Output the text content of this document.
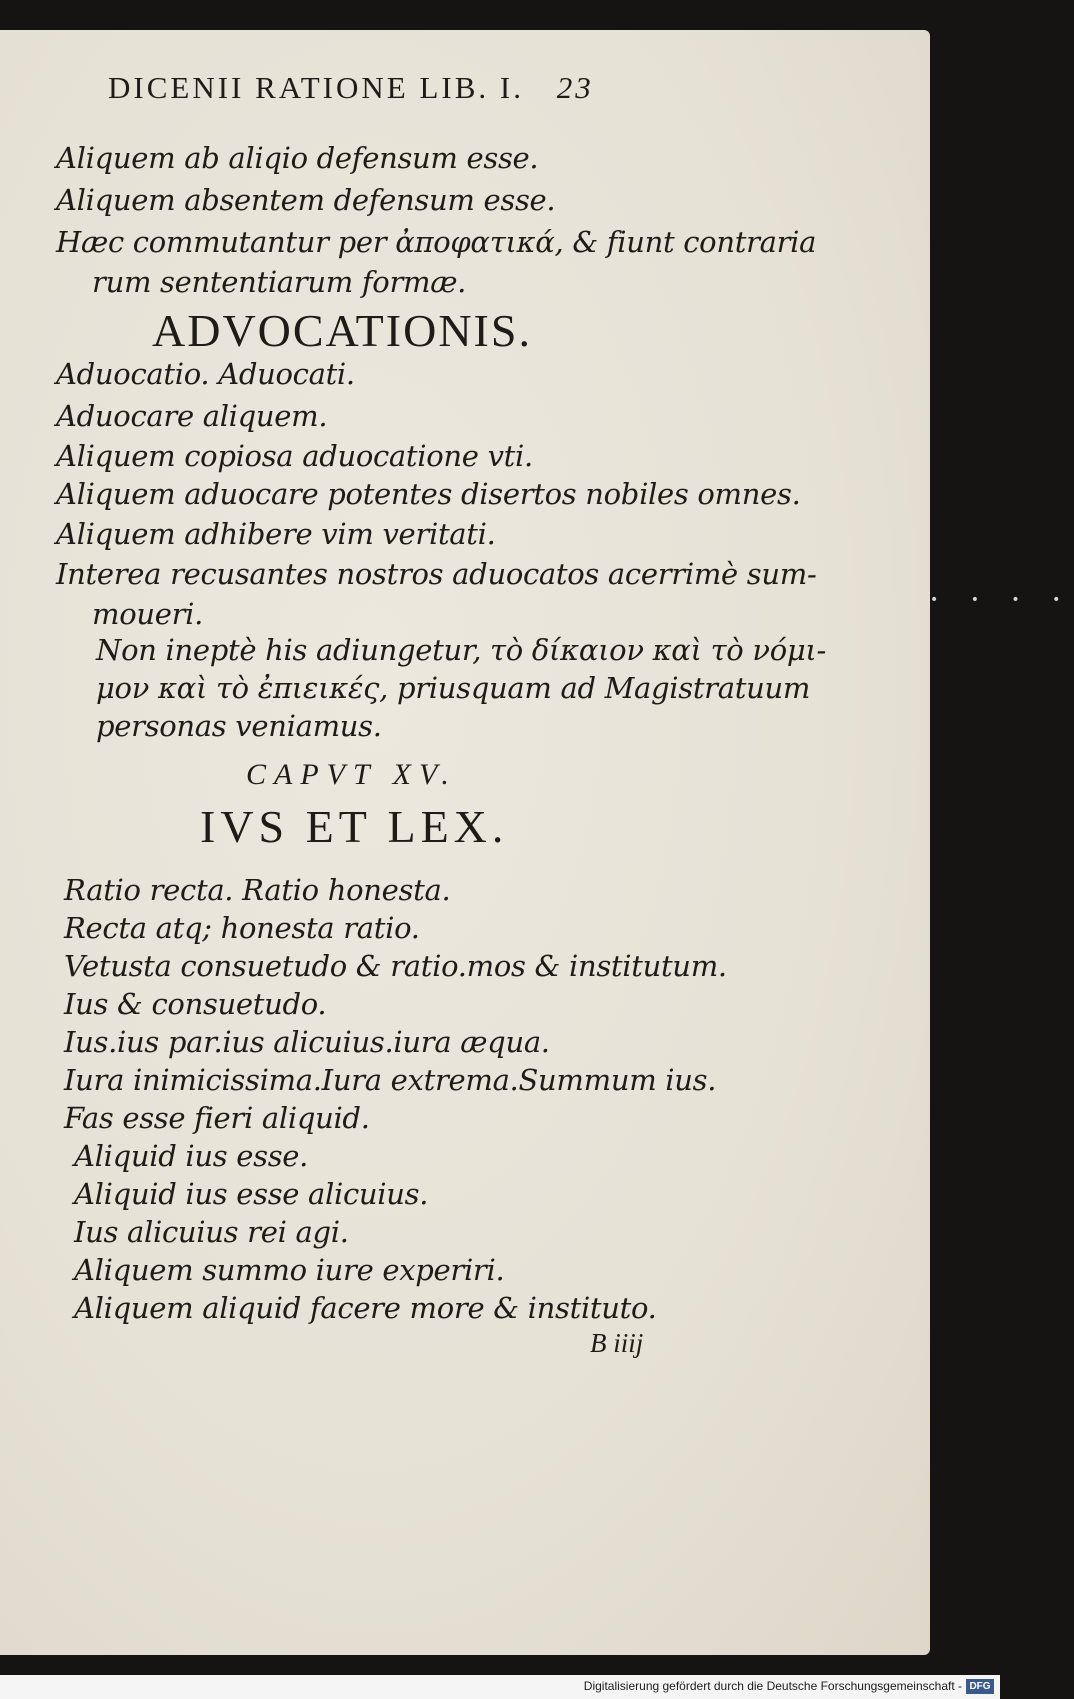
DICENII RATIONE LIB. I. 23
Aliquem ab aliqio defensum esse.
Aliquem absentem defensum esse.
Hæc commutantur per ἀποφατικά, & fiunt contraria
rum sententiarum formæ.
ADVOCATIONIS.
Aduocatio. Aduocati.
Aduocare aliquem.
Aliquem copiosa aduocatione vti.
Aliquem aduocare potentes disertos nobiles omnes.
Aliquem adhibere vim veritati.
Interea recusantes nostros aduocatos acerrimè sum-
moueri.
Non ineptè his adiungetur, τὸ δίκαιον καὶ τὸ νόμι-
μον καὶ τὸ ἐπιεικές, priusquam ad Magistratuum
personas veniamus.
CAPVT XV.
IVS ET LEX.
Ratio recta. Ratio honesta.
Recta atq; honesta ratio.
Vetusta consuetudo & ratio.mos & institutum.
Ius & consuetudo.
Ius.ius par.ius alicuius.iura æqua.
Iura inimicissima.Iura extrema.Summum ius.
Fas esse fieri aliquid.
Aliquid ius esse.
Aliquid ius esse alicuius.
Ius alicuius rei agi.
Aliquem summo iure experiri.
Aliquem aliquid facere more & instituto.
B iiij
• • • •
Digitalisierung gefördert durch die Deutsche Forschungsgemeinschaft - DFG
